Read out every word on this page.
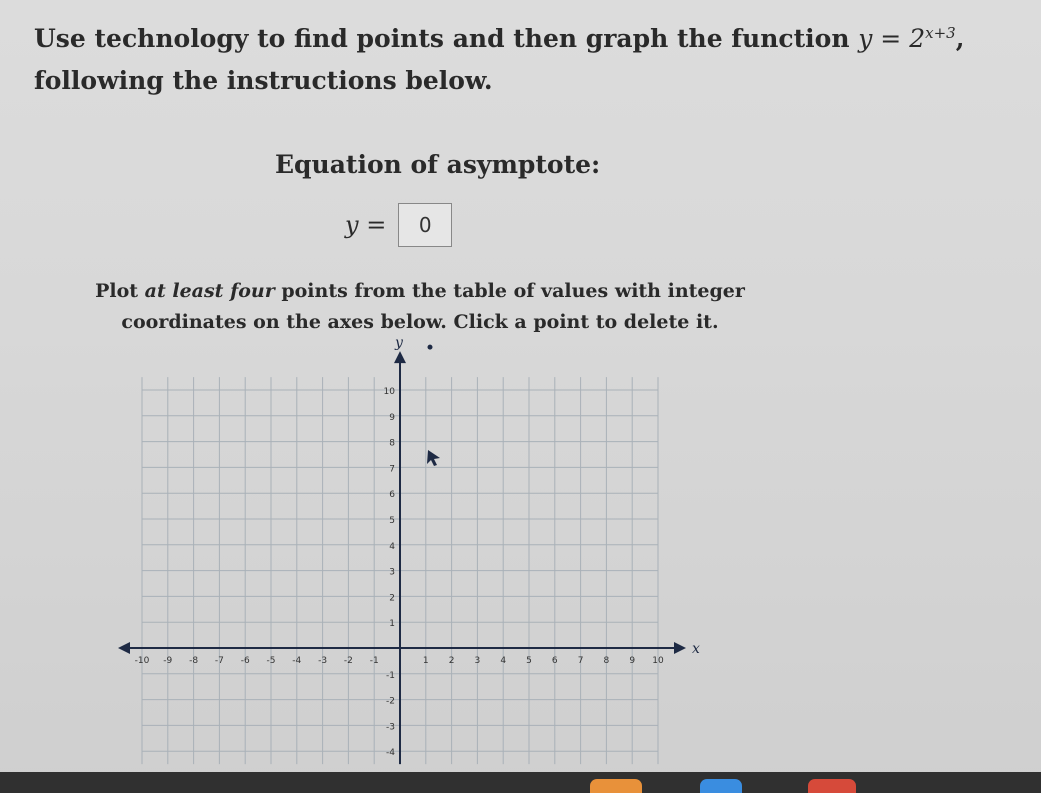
Use technology to find points and then graph the function $y = 2^{x+3}$, following the instructions below.
Equation of asymptote:
y =
0
Plot at least four points from the table of values with integer coordinates on the axes below. Click a point to delete it.
x
y
-10 -9 -8 -7 -6 -5 -4 -3 -2 -1	1 2 3 4 5 6 7 8 9 10
10
9
8
7
6
5
4
3
2
1
-1
-2
-3
-4
